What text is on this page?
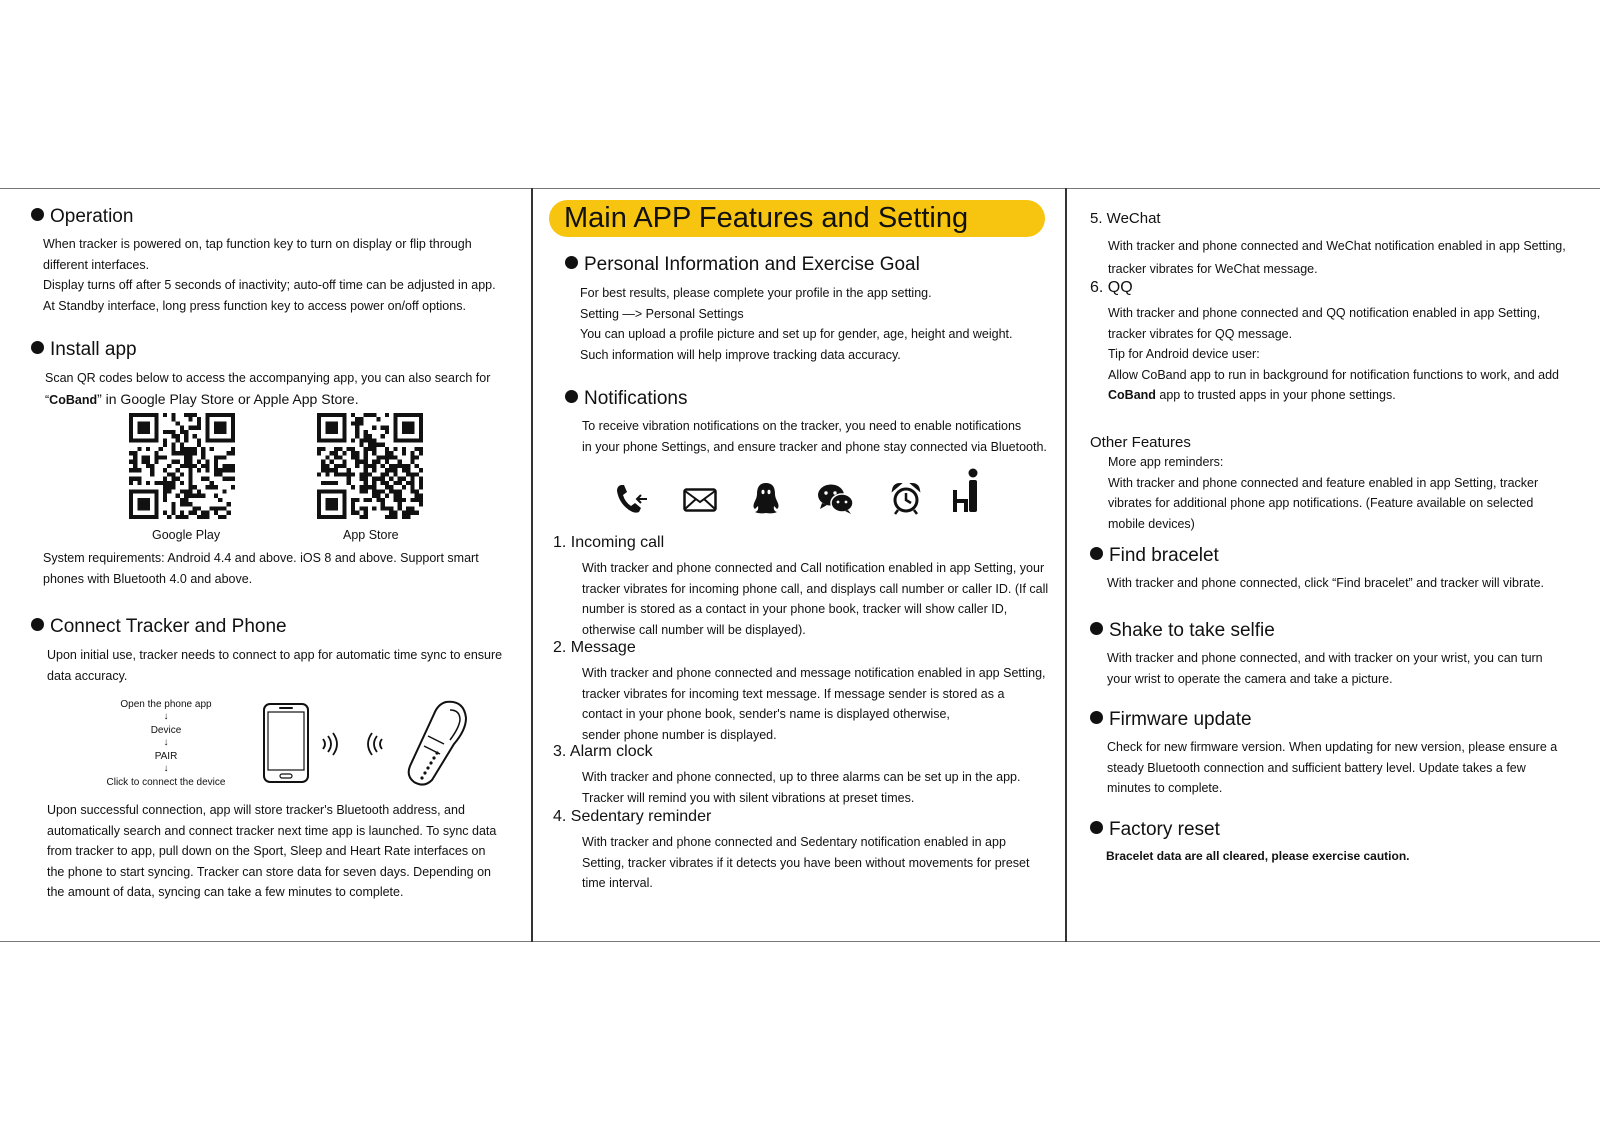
Operation
When tracker is powered on, tap function key to turn on display or flip through
different interfaces.
Display turns off after 5 seconds of inactivity; auto-off time can be adjusted in app.
At Standby interface, long press function key to access power on/off options.
Install app
Scan QR codes below to access the accompanying app, you can also search for
“CoBand” in Google Play Store or Apple App Store.
Google Play	App Store
System requirements: Android 4.4 and above. iOS 8 and above. Support smart
phones with Bluetooth 4.0 and above.
Connect Tracker and Phone
Upon initial use, tracker needs to connect to app for automatic time sync to ensure
data accuracy.
Open the phone app
↓
Device
↓
PAIR
↓
Click to connect the device
Upon successful connection, app will store tracker's Bluetooth address, and
automatically search and connect tracker next time app is launched. To sync data
from tracker to app, pull down on the Sport, Sleep and Heart Rate interfaces on
the phone to start syncing. Tracker can store data for seven days. Depending on
the amount of data, syncing can take a few minutes to complete.
Main APP Features and Setting
Personal Information and Exercise Goal
For best results, please complete your profile in the app setting.
Setting —> Personal Settings
You can upload a profile picture and set up for gender, age, height and weight.
Such information will help improve tracking data accuracy.
Notifications
To receive vibration notifications on the tracker, you need to enable notifications
in your phone Settings, and ensure tracker and phone stay connected via Bluetooth.
1. Incoming call
With tracker and phone connected and Call notification enabled in app Setting, your
tracker vibrates for incoming phone call, and displays call number or caller ID. (If call
number is stored as a contact in your phone book, tracker will show caller ID,
otherwise call number will be displayed).
2. Message
With tracker and phone connected and message notification enabled in app Setting,
tracker vibrates for incoming text message. If message sender is stored as a
contact in your phone book, sender's name is displayed otherwise,
sender phone number is displayed.
3. Alarm clock
With tracker and phone connected, up to three alarms can be set up in the app.
Tracker will remind you with silent vibrations at preset times.
4. Sedentary reminder
With tracker and phone connected and Sedentary notification enabled in app
Setting, tracker vibrates if it detects you have been without movements for preset
time interval.
5. WeChat
With tracker and phone connected and WeChat notification enabled in app Setting,
tracker vibrates for WeChat message.
6. QQ
With tracker and phone connected and QQ notification enabled in app Setting,
tracker vibrates for QQ message.
Tip for Android device user:
Allow CoBand app to run in background for notification functions to work, and add
CoBand app to trusted apps in your phone settings.
Other Features
More app reminders:
With tracker and phone connected and feature enabled in app Setting, tracker
vibrates for additional phone app notifications. (Feature available on selected
mobile devices)
Find bracelet
With tracker and phone connected, click “Find bracelet” and tracker will vibrate.
Shake to take selfie
With tracker and phone connected, and with tracker on your wrist, you can turn
your wrist to operate the camera and take a picture.
Firmware update
Check for new firmware version. When updating for new version, please ensure a
steady Bluetooth connection and sufficient battery level. Update takes a few
minutes to complete.
Factory reset
Bracelet data are all cleared, please exercise caution.
